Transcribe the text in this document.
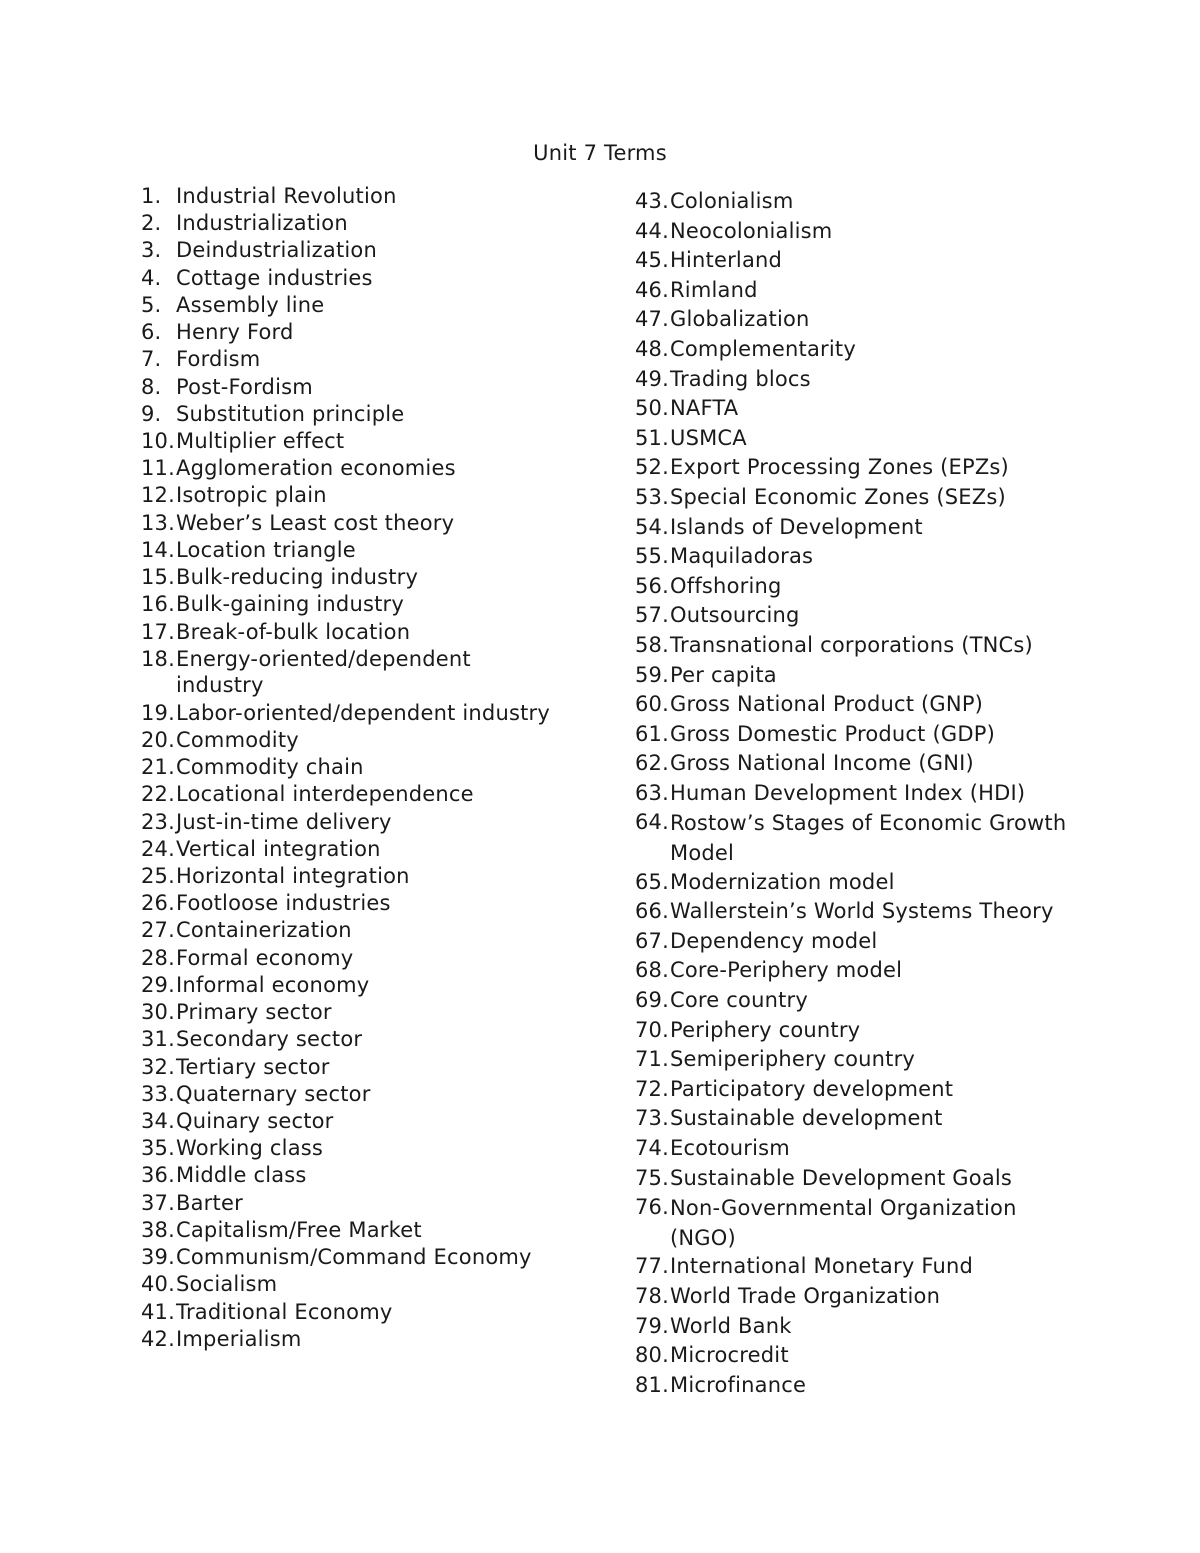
Unit 7 Terms
1. Industrial Revolution
2. Industrialization
3. Deindustrialization
4. Cottage industries
5. Assembly line
6. Henry Ford
7. Fordism
8. Post-Fordism
9. Substitution principle
10. Multiplier effect
11. Agglomeration economies
12. Isotropic plain
13. Weber’s Least cost theory
14. Location triangle
15. Bulk-reducing industry
16. Bulk-gaining industry
17. Break-of-bulk location
18. Energy-oriented/dependent industry
19. Labor-oriented/dependent industry
20. Commodity
21. Commodity chain
22. Locational interdependence
23. Just-in-time delivery
24. Vertical integration
25. Horizontal integration
26. Footloose industries
27. Containerization
28. Formal economy
29. Informal economy
30. Primary sector
31. Secondary sector
32. Tertiary sector
33. Quaternary sector
34. Quinary sector
35. Working class
36. Middle class
37. Barter
38. Capitalism/Free Market
39. Communism/Command Economy
40. Socialism
41. Traditional Economy
42. Imperialism
43. Colonialism
44. Neocolonialism
45. Hinterland
46. Rimland
47. Globalization
48. Complementarity
49. Trading blocs
50. NAFTA
51. USMCA
52. Export Processing Zones (EPZs)
53. Special Economic Zones (SEZs)
54. Islands of Development
55. Maquiladoras
56. Offshoring
57. Outsourcing
58. Transnational corporations (TNCs)
59. Per capita
60. Gross National Product (GNP)
61. Gross Domestic Product (GDP)
62. Gross National Income (GNI)
63. Human Development Index (HDI)
64. Rostow’s Stages of Economic Growth Model
65. Modernization model
66. Wallerstein’s World Systems Theory
67. Dependency model
68. Core-Periphery model
69. Core country
70. Periphery country
71. Semiperiphery country
72. Participatory development
73. Sustainable development
74. Ecotourism
75. Sustainable Development Goals
76. Non-Governmental Organization (NGO)
77. International Monetary Fund
78. World Trade Organization
79. World Bank
80. Microcredit
81. Microfinance
